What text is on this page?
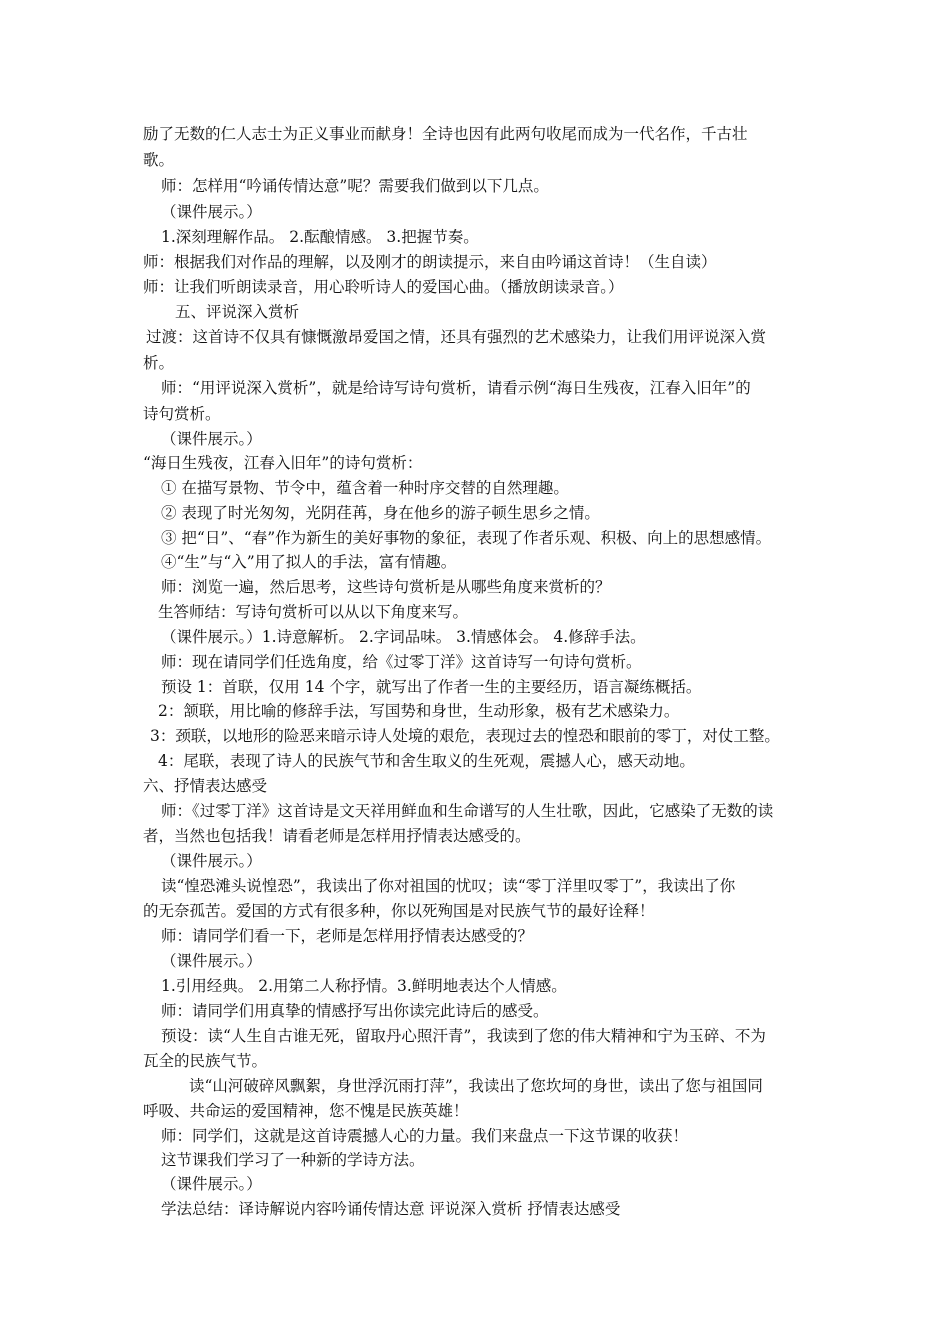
励了无数的仁人志士为正义事业而献身！全诗也因有此两句收尾而成为一代名作，千古壮
歌。
师：怎样用“吟诵传情达意”呢？需要我们做到以下几点。
（课件展示。）
1.深刻理解作品。 2.酝酿情感。 3.把握节奏。
师：根据我们对作品的理解，以及刚才的朗读提示，来自由吟诵这首诗！（生自读）
师：让我们听朗读录音，用心聆听诗人的爱国心曲。（播放朗读录音。）
五、评说深入赏析
过渡：这首诗不仅具有慷慨激昂爱国之情，还具有强烈的艺术感染力，让我们用评说深入赏
析。
师：“用评说深入赏析”，就是给诗写诗句赏析，请看示例“海日生残夜，江春入旧年”的
诗句赏析。
（课件展示。）
“海日生残夜，江春入旧年”的诗句赏析：
① 在描写景物、节令中，蕴含着一种时序交替的自然理趣。
② 表现了时光匆匆，光阴荏苒，身在他乡的游子顿生思乡之情。
③ 把“日”、“春”作为新生的美好事物的象征，表现了作者乐观、积极、向上的思想感情。
④“生”与“入”用了拟人的手法，富有情趣。
师：浏览一遍，然后思考，这些诗句赏析是从哪些角度来赏析的？
生答师结：写诗句赏析可以从以下角度来写。
（课件展示。）1.诗意解析。 2.字词品味。 3.情感体会。 4.修辞手法。
师：现在请同学们任选角度，给《过零丁洋》这首诗写一句诗句赏析。
预设 1：首联，仅用 14 个字，就写出了作者一生的主要经历，语言凝练概括。
2：颔联，用比喻的修辞手法，写国势和身世，生动形象，极有艺术感染力。
3：颈联，以地形的险恶来暗示诗人处境的艰危，表现过去的惶恐和眼前的零丁，对仗工整。
4：尾联，表现了诗人的民族气节和舍生取义的生死观，震撼人心，感天动地。
六、抒情表达感受
师：《过零丁洋》这首诗是文天祥用鲜血和生命谱写的人生壮歌，因此，它感染了无数的读
者，当然也包括我！请看老师是怎样用抒情表达感受的。
（课件展示。）
读“惶恐滩头说惶恐”，我读出了你对祖国的忧叹；读“零丁洋里叹零丁”，我读出了你
的无奈孤苦。爱国的方式有很多种，你以死殉国是对民族气节的最好诠释！
师：请同学们看一下，老师是怎样用抒情表达感受的？
（课件展示。）
1.引用经典。 2.用第二人称抒情。3.鲜明地表达个人情感。
师：请同学们用真挚的情感抒写出你读完此诗后的感受。
预设：读“人生自古谁无死，留取丹心照汗青”，我读到了您的伟大精神和宁为玉碎、不为
瓦全的民族气节。
读“山河破碎风飘絮，身世浮沉雨打萍”，我读出了您坎坷的身世，读出了您与祖国同
呼吸、共命运的爱国精神，您不愧是民族英雄！
师：同学们，这就是这首诗震撼人心的力量。我们来盘点一下这节课的收获！
这节课我们学习了一种新的学诗方法。
（课件展示。）
学法总结：译诗解说内容吟诵传情达意 评说深入赏析 抒情表达感受
